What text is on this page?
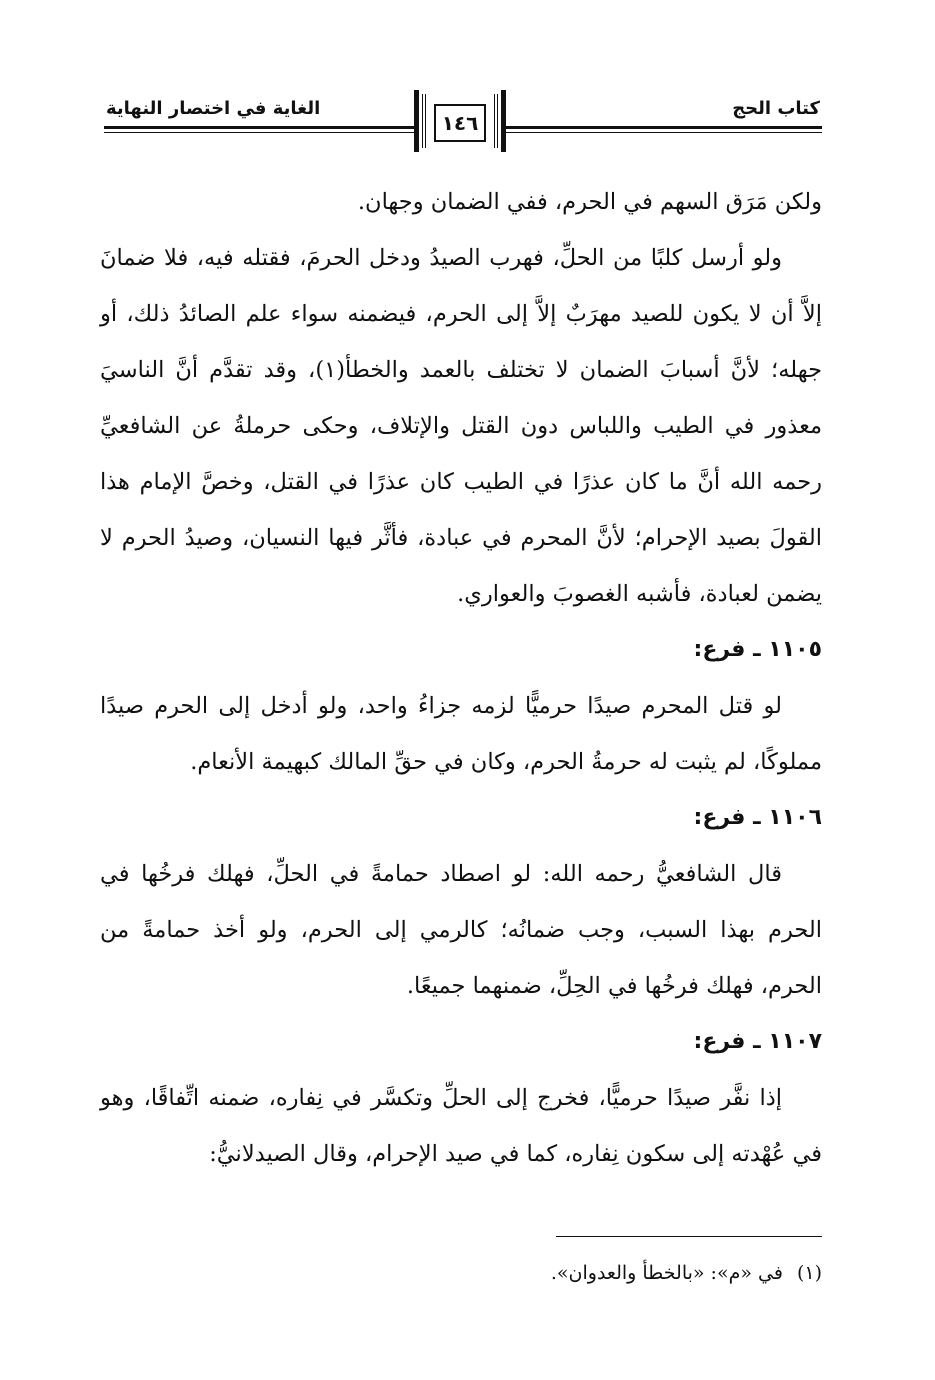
كتاب الحج
الغاية في اختصار النهاية
١٤٦

ولكن مَرَق السهم في الحرم، ففي الضمان وجهان.

ولو أرسل كلبًا من الحلِّ، فهرب الصيدُ ودخل الحرمَ، فقتله فيه، فلا ضمانَ إلاَّ أن لا يكون للصيد مهرَبٌ إلاَّ إلى الحرم، فيضمنه سواء علم الصائدُ ذلك، أو جهله؛ لأنَّ أسبابَ الضمان لا تختلف بالعمد والخطأ(١)، وقد تقدَّم أنَّ الناسيَ معذور في الطيب واللباس دون القتل والإتلاف، وحكى حرملةُ عن الشافعيِّ رحمه الله أنَّ ما كان عذرًا في الطيب كان عذرًا في القتل، وخصَّ الإمام هذا القولَ بصيد الإحرام؛ لأنَّ المحرم في عبادة، فأثَّر فيها النسيان، وصيدُ الحرم لا يضمن لعبادة، فأشبه الغصوبَ والعواري.

١١٠٥ ـ فرع:

لو قتل المحرم صيدًا حرميًّا لزمه جزاءُ واحد، ولو أدخل إلى الحرم صيدًا مملوكًا، لم يثبت له حرمةُ الحرم، وكان في حقِّ المالك كبهيمة الأنعام.

١١٠٦ ـ فرع:

قال الشافعيُّ رحمه الله: لو اصطاد حمامةً في الحلِّ، فهلك فرخُها في الحرم بهذا السبب، وجب ضمانُه؛ كالرمي إلى الحرم، ولو أخذ حمامةً من الحرم، فهلك فرخُها في الحِلِّ، ضمنهما جميعًا.

١١٠٧ ـ فرع:

إذا نفَّر صيدًا حرميًّا، فخرج إلى الحلِّ وتكسَّر في نِفاره، ضمنه اتِّفاقًا، وهو في عُهْدته إلى سكون نِفاره، كما في صيد الإحرام، وقال الصيدلانيُّ:

(١)في «م»: «بالخطأ والعدوان».
